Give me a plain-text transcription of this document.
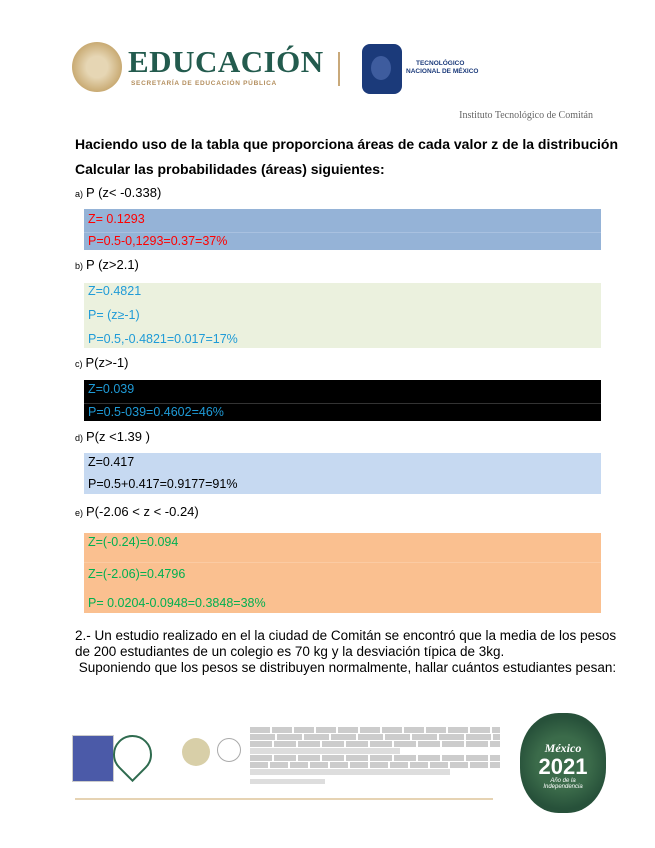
EDUCACIÓN
SECRETARÍA DE EDUCACIÓN PÚBLICA
TECNOLÓGICO
NACIONAL DE MÉXICO
Instituto Tecnológico de Comitán
Haciendo uso de la tabla que proporciona áreas de cada valor z de la distribución
Calcular las probabilidades (áreas) siguientes:
a) P (z< -0.338)
Z= 0.1293
P=0.5-0,1293=0.37=37%
b) P (z>2.1)
Z=0.4821
P= (z≥-1)
P=0.5,-0.4821=0.017=17%
c) P(z>-1)
Z=0.039
P=0.5-039=0.4602=46%
d) P(z <1.39 )
Z=0.417
P=0.5+0.417=0.9177=91%
e) P(-2.06 < z < -0.24)
Z=(-0.24)=0.094
Z=(-2.06)=0.4796
P= 0.0204-0.0948=0.3848=38%
2.- Un estudio realizado en el la ciudad de Comitán se encontró que la media de los pesos
de 200 estudiantes de un colegio es 70 kg y la desviación típica de 3kg.
Suponiendo que los pesos se distribuyen normalmente, hallar cuántos estudiantes pesan:
México
2021
Año de la Independencia
